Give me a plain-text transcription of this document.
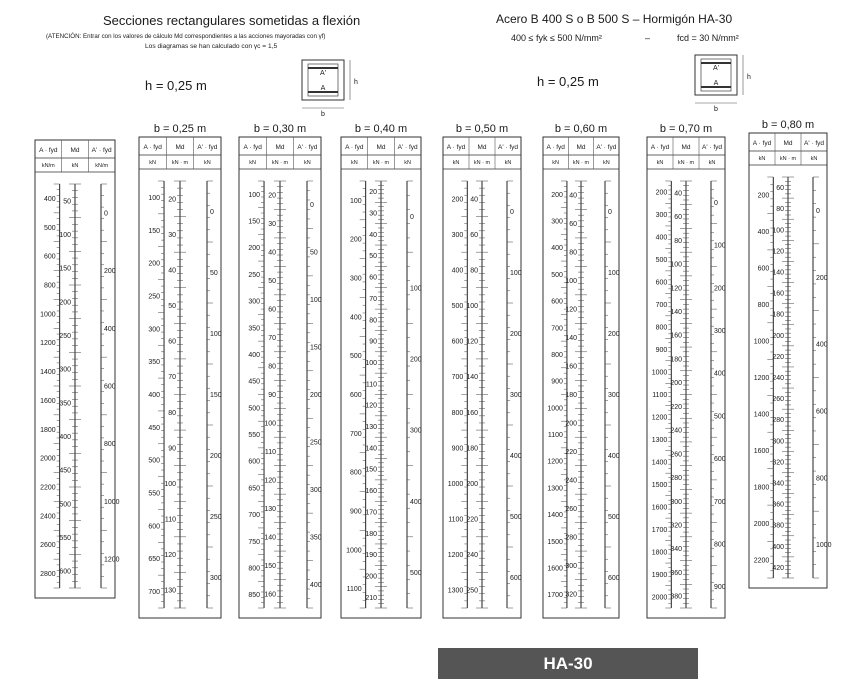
Secciones rectangulares sometidas a flexión
(ATENCIÓN: Entrar con los valores de cálculo Md correspondientes a las acciones mayoradas con γf)
Los diagramas se han calculado con γc = 1,5
Acero B 400 S o B 500 S – Hormigón HA-30
400 ≤ fyk ≤ 500 N/mm²	–	fcd = 30 N/mm²
h = 0,25 m	h = 0,25 m
A'
A
b
h
A'
A
b
h
A · fyd Md A' · fyd
kN/m	kN	kN/m
400
500
600
800
1000
1200
1400
1600
1800
2000
2200
2400
2600
2800
50
100
150
200
250
300
350
400
450
500
550
600
0
200
400
600
800
1000
1200
b = 0,25 m
A · fyd Md A' · fyd
kN	kN · m	kN
100
150
200
250
300
350
400
450
500
550
600
650
700
20
30
40
50
60
70
80
90
100
110
120
130
0
50
100
150
200
250
300
b = 0,30 m
A · fyd Md A' · fyd
kN	kN · m	kN
100
150
200
250
300
350
400
450
500
550
600
650
700
750
800
850
20
30
40
50
60
70
80
90
100
110
120
130
140
150
160
0
50
100
150
200
250
300
350
400
b = 0,40 m
A · fyd Md A' · fyd
kN	kN · m	kN
100
200
300
400
500
600
700
800
900
1000
1100
20
30
40
50
60
70
80
90
100
110
120
130
140
150
160
170
180
190
200
210
0
100
200
300
400
500
b = 0,50 m
A · fyd Md A' · fyd
kN	kN · m	kN
200
300
400
500
600
700
800
900
1000
1100
1200
1300
40
60
80
100
120
140
160
180
200
220
240
250
0
100
200
300
400
500
600
b = 0,60 m
A · fyd Md A' · fyd
kN	kN · m	kN
200
300
400
500
600
700
800
900
1000
1100
1200
1300
1400
1500
1600
1700
40
60
80
100
120
140
160
180
200
220
240
260
280
300
320
0
100
200
300
400
500
600
b = 0,70 m
A · fyd Md A' · fyd
kN	kN · m	kN
200
300
400
500
600
700
800
900
1000
1100
1200
1300
1400
1500
1600
1700
1800
1900
2000
40
60
80
100
120
140
160
180
200
220
240
260
280
300
320
340
360
380
0
100
200
300
400
500
600
700
800
900
b = 0,80 m
A · fyd Md A' · fyd
kN	kN · m	kN
200
400
600
800
1000
1200
1400
1600
1800
2000
2200
60
80
100
120
140
160
180
200
220
240
260
280
300
320
340
360
380
400
420
0
200
400
600
800
1000
HA-30
